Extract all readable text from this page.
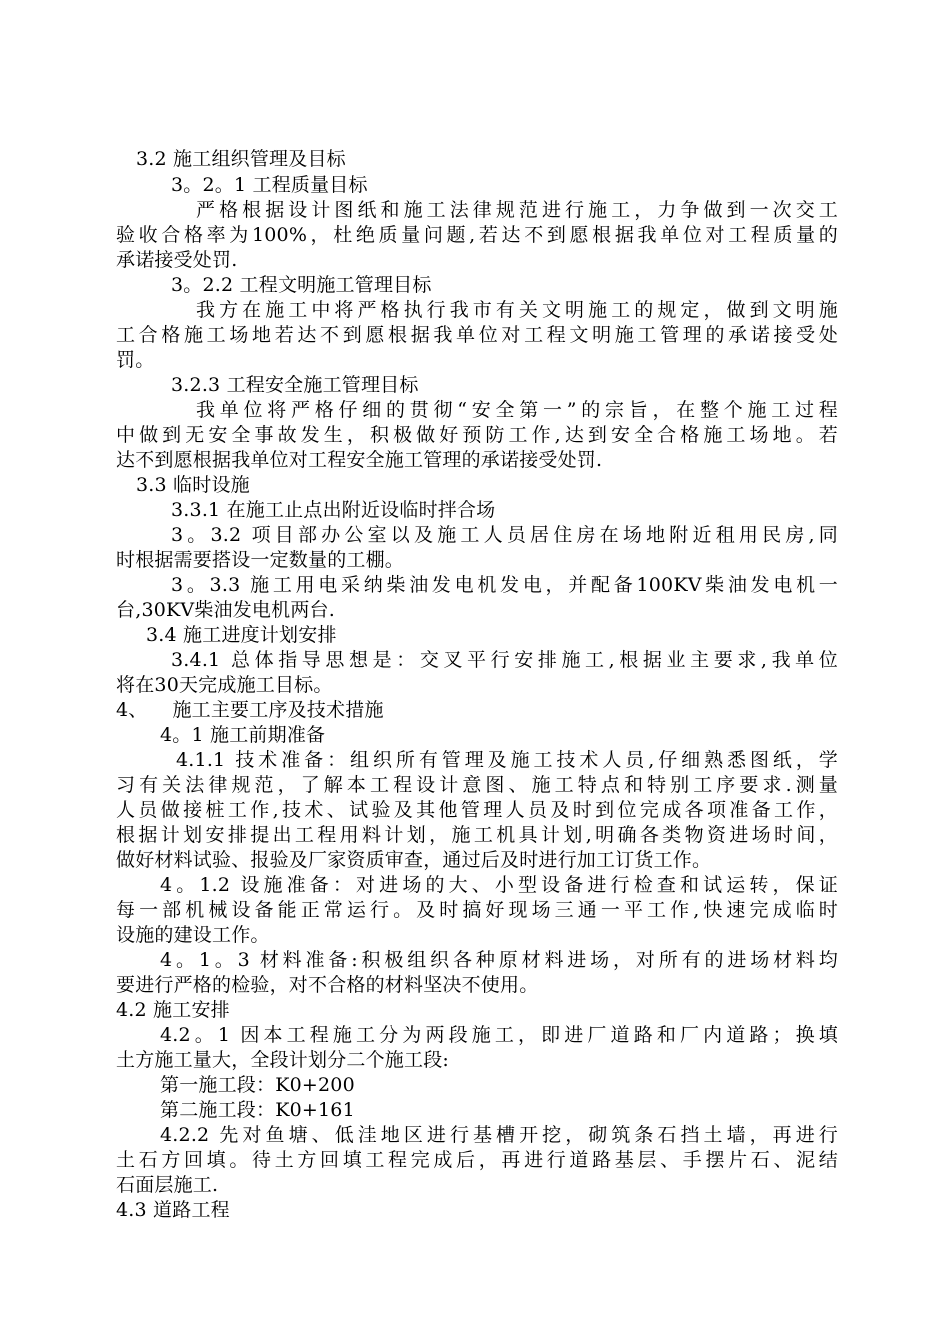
3.2 施工组织管理及目标
3。2。1 工程质量目标
严格根据设计图纸和施工法律规范进行施工，力争做到一次交工
验收合格率为100%，杜绝质量问题,若达不到愿根据我单位对工程质量的
承诺接受处罚.
3。2.2 工程文明施工管理目标
我方在施工中将严格执行我市有关文明施工的规定，做到文明施
工合格施工场地若达不到愿根据我单位对工程文明施工管理的承诺接受处
罚。
3.2.3 工程安全施工管理目标
我单位将严格仔细的贯彻“安全第一”的宗旨，在整个施工过程
中做到无安全事故发生，积极做好预防工作,达到安全合格施工场地。若
达不到愿根据我单位对工程安全施工管理的承诺接受处罚.
3.3 临时设施
3.3.1 在施工止点出附近设临时拌合场
3。3.2 项目部办公室以及施工人员居住房在场地附近租用民房,同
时根据需要搭设一定数量的工棚。
3。3.3 施工用电采纳柴油发电机发电，并配备100KV柴油发电机一
台,30KV柴油发电机两台.
3.4 施工进度计划安排
3.4.1 总体指导思想是：交叉平行安排施工,根据业主要求,我单位
将在30天完成施工目标。
4、    施工主要工序及技术措施
4。1 施工前期准备
4.1.1 技术准备：组织所有管理及施工技术人员,仔细熟悉图纸，学
习有关法律规范，了解本工程设计意图、施工特点和特别工序要求.测量
人员做接桩工作,技术、试验及其他管理人员及时到位完成各项准备工作，
根据计划安排提出工程用料计划，施工机具计划,明确各类物资进场时间，
做好材料试验、报验及厂家资质审查，通过后及时进行加工订货工作。
4。1.2 设施准备：对进场的大、小型设备进行检查和试运转，保证
每一部机械设备能正常运行。及时搞好现场三通一平工作,快速完成临时
设施的建设工作。
4。1。3 材料准备:积极组织各种原材料进场，对所有的进场材料均
要进行严格的检验，对不合格的材料坚决不使用。
4.2 施工安排
4.2。1 因本工程施工分为两段施工，即进厂道路和厂内道路；换填
土方施工量大，全段计划分二个施工段:
第一施工段：K0+200
第二施工段：K0+161
4.2.2 先对鱼塘、低洼地区进行基槽开挖，砌筑条石挡土墙，再进行
土石方回填。待土方回填工程完成后，再进行道路基层、手摆片石、泥结
石面层施工.
4.3 道路工程
